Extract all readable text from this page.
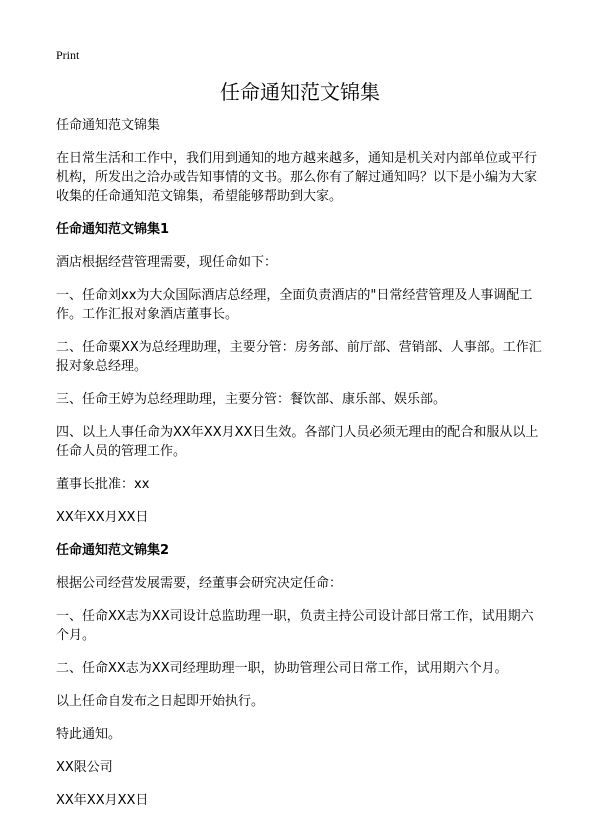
Print
任命通知范文锦集

任命通知范文锦集

在日常生活和工作中，我们用到通知的地方越来越多，通知是机关对内部单位或平行机构，所发出之洽办或告知事情的文书。那么你有了解过通知吗？以下是小编为大家收集的任命通知范文锦集，希望能够帮助到大家。

任命通知范文锦集1

酒店根据经营管理需要，现任命如下：

一、任命刘xx为大众国际酒店总经理，全面负责酒店的"日常经营管理及人事调配工作。工作汇报对象酒店董事长。

二、任命粟XX为总经理助理，主要分管：房务部、前厅部、营销部、人事部。工作汇报对象总经理。

三、任命王婷为总经理助理，主要分管：餐饮部、康乐部、娱乐部。

四、以上人事任命为XX年XX月XX日生效。各部门人员必须无理由的配合和服从以上任命人员的管理工作。

董事长批准：xx

XX年XX月XX日

任命通知范文锦集2

根据公司经营发展需要，经董事会研究决定任命：

一、任命XX志为XX司设计总监助理一职，负责主持公司设计部日常工作，试用期六个月。

二、任命XX志为XX司经理助理一职，协助管理公司日常工作，试用期六个月。

以上任命自发布之日起即开始执行。

特此通知。

XX限公司

XX年XX月XX日
